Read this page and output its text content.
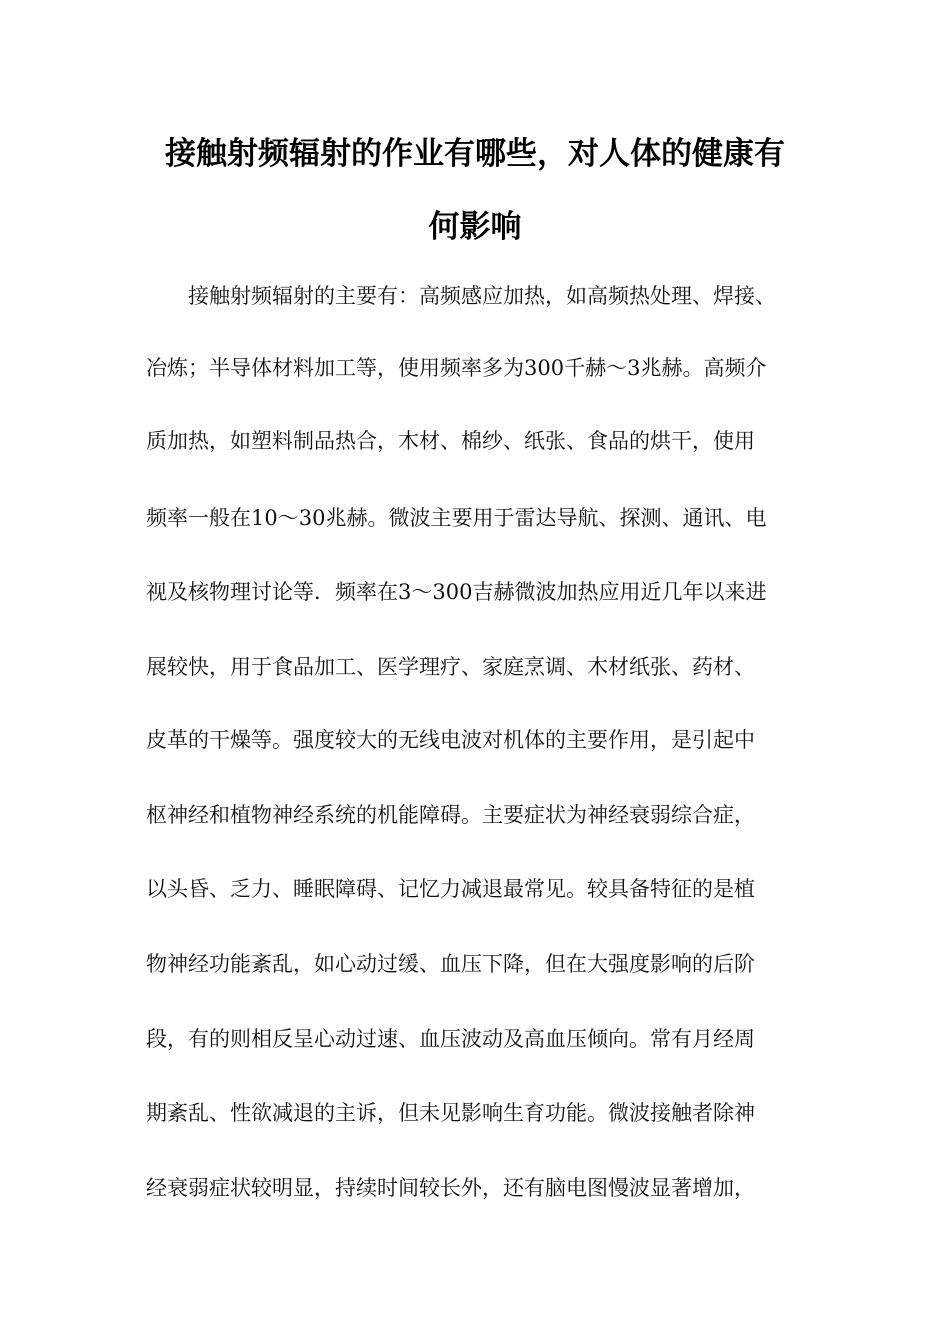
接触射频辐射的作业有哪些，对人体的健康有
何影响
接触射频辐射的主要有：高频感应加热，如高频热处理、焊接、
冶炼；半导体材料加工等，使用频率多为300千赫～3兆赫。高频介
质加热，如塑料制品热合，木材、棉纱、纸张、食品的烘干，使用
频率一般在10～30兆赫。微波主要用于雷达导航、探测、通讯、电
视及核物理讨论等．频率在3～300吉赫微波加热应用近几年以来进
展较快，用于食品加工、医学理疗、家庭烹调、木材纸张、药材、
皮革的干燥等。强度较大的无线电波对机体的主要作用，是引起中
枢神经和植物神经系统的机能障碍。主要症状为神经衰弱综合症，
以头昏、乏力、睡眠障碍、记忆力减退最常见。较具备特征的是植
物神经功能紊乱，如心动过缓、血压下降，但在大强度影响的后阶
段，有的则相反呈心动过速、血压波动及高血压倾向。常有月经周
期紊乱、性欲减退的主诉，但未见影响生育功能。微波接触者除神
经衰弱症状较明显，持续时间较长外，还有脑电图慢波显著增加，
